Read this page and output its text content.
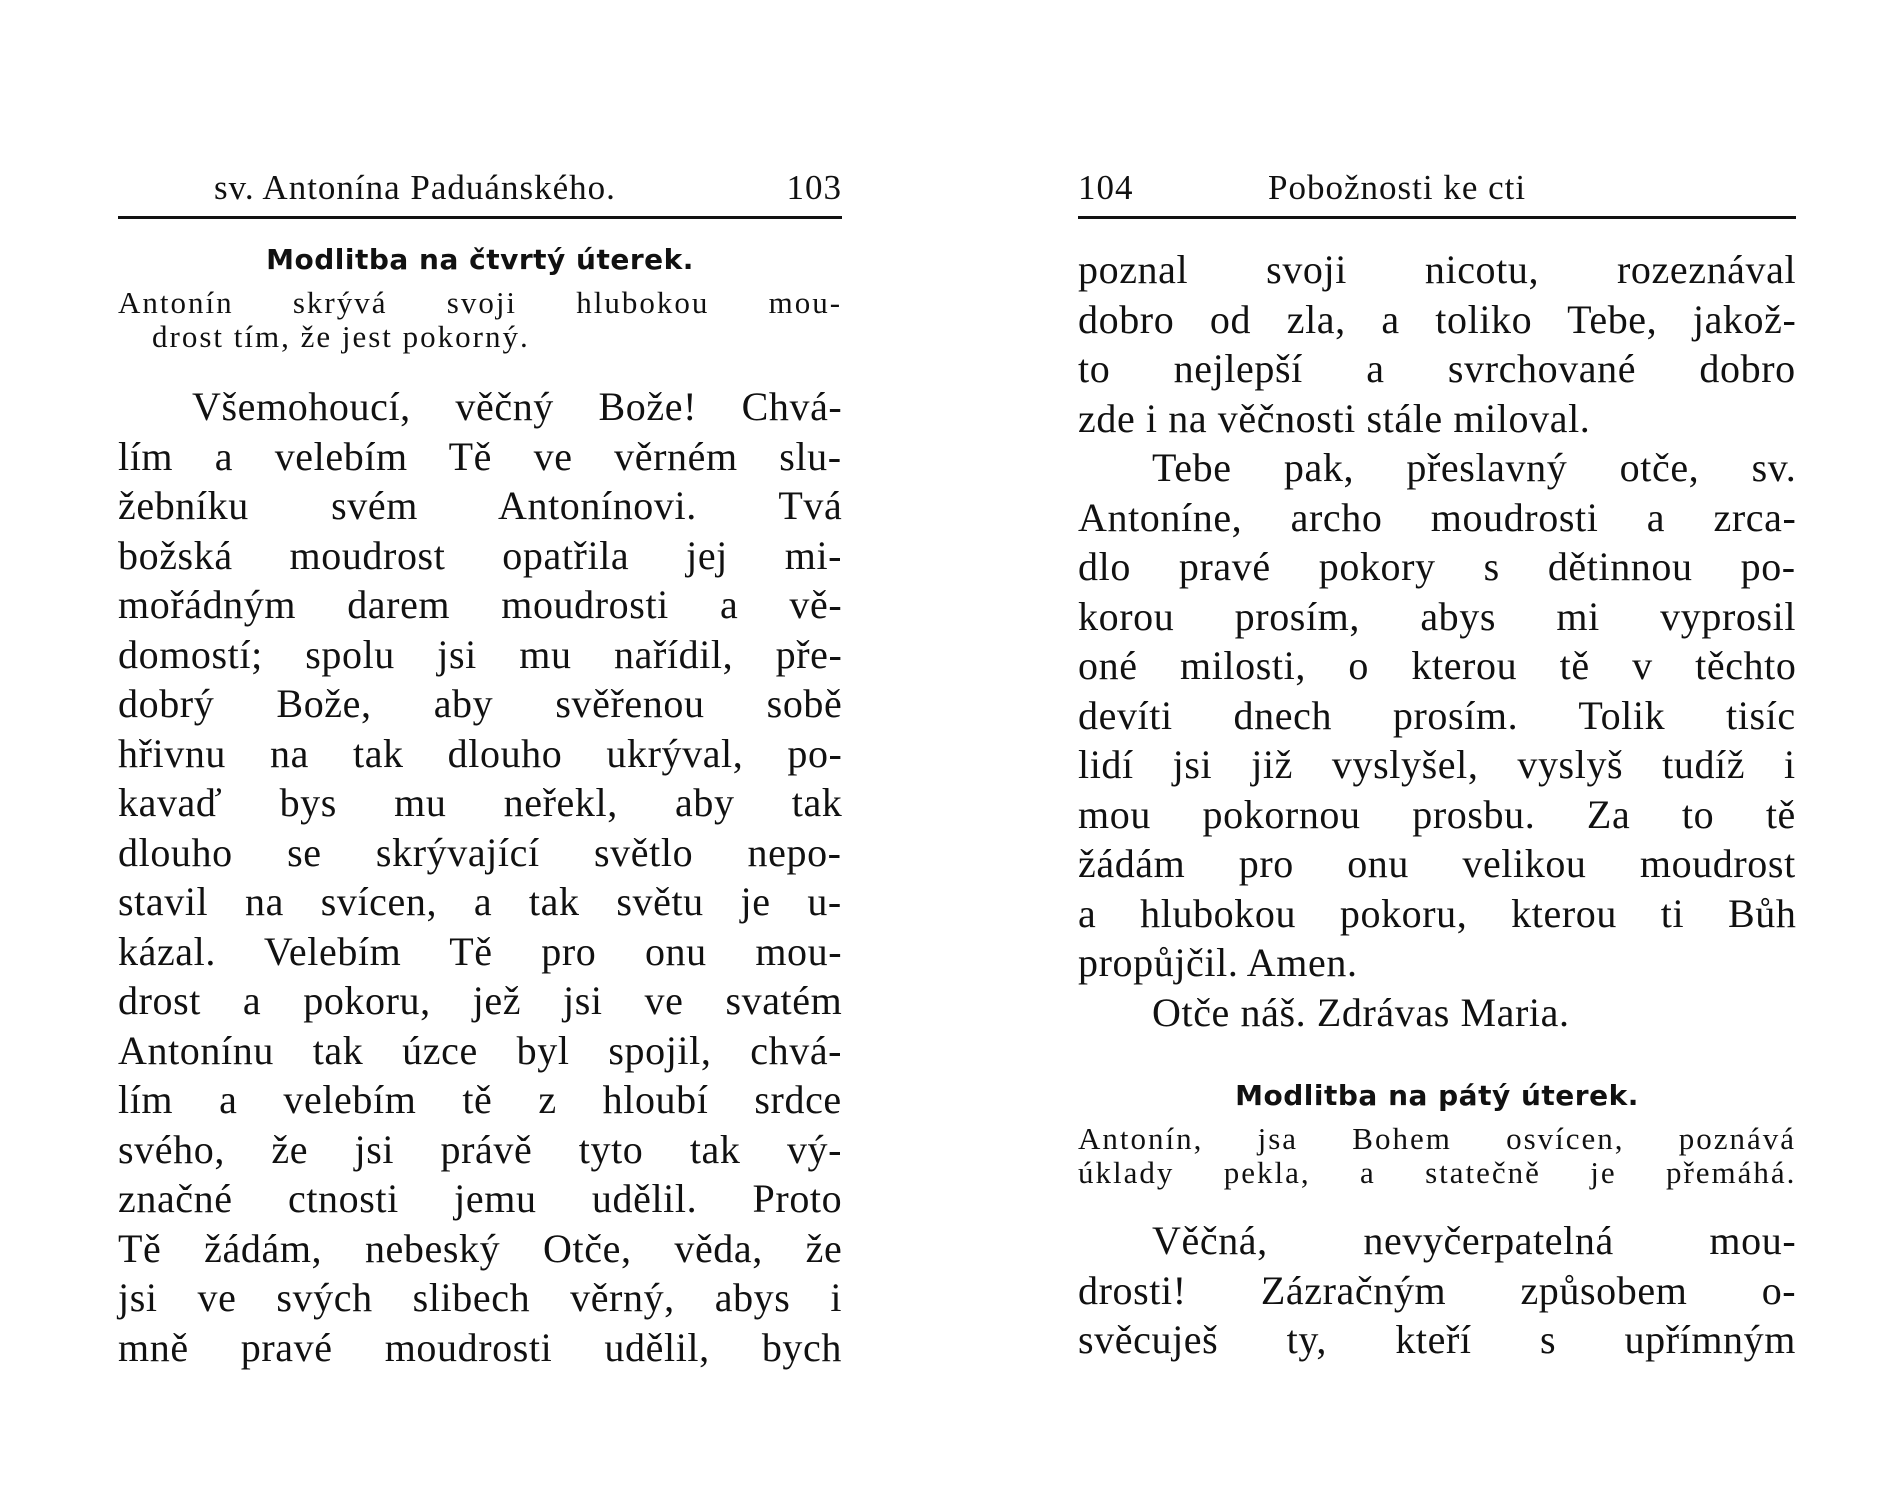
sv. Antonína Paduánského.	103
Modlitba na čtvrtý úterek.
Antonín skrývá svoji hlubokou mou-
drost tím, že jest pokorný.
Všemohoucí, věčný Bože! Chvá-
lím a velebím Tě ve věrném slu-
žebníku svém Antonínovi. Tvá
božská moudrost opatřila jej mi-
mořádným darem moudrosti a vě-
domostí; spolu jsi mu nařídil, pře-
dobrý Bože, aby svěřenou sobě
hřivnu na tak dlouho ukrýval, po-
kavaď bys mu neřekl, aby tak
dlouho se skrývající světlo nepo-
stavil na svícen, a tak světu je u-
kázal. Velebím Tě pro onu mou-
drost a pokoru, jež jsi ve svatém
Antonínu tak úzce byl spojil, chvá-
lím a velebím tě z hloubí srdce
svého, že jsi právě tyto tak vý-
značné ctnosti jemu udělil. Proto
Tě žádám, nebeský Otče, věda, že
jsi ve svých slibech věrný, abys i
mně pravé moudrosti udělil, bych
104	Pobožnosti ke cti
poznal svoji nicotu, rozeznával
dobro od zla, a toliko Tebe, jakož-
to nejlepší a svrchované dobro
zde i na věčnosti stále miloval.
Tebe pak, přeslavný otče, sv.
Antoníne, archo moudrosti a zrca-
dlo pravé pokory s dětinnou po-
korou prosím, abys mi vyprosil
oné milosti, o kterou tě v těchto
devíti dnech prosím. Tolik tisíc
lidí jsi již vyslyšel, vyslyš tudíž i
mou pokornou prosbu. Za to tě
žádám pro onu velikou moudrost
a hlubokou pokoru, kterou ti Bůh
propůjčil. Amen.
Otče náš. Zdrávas Maria.
Modlitba na pátý úterek.
Antonín, jsa Bohem osvícen, poznává
úklady pekla, a statečně je přemáhá.
Věčná, nevyčerpatelná mou-
drosti! Zázračným způsobem o-
svěcuješ ty, kteří s upřímným
